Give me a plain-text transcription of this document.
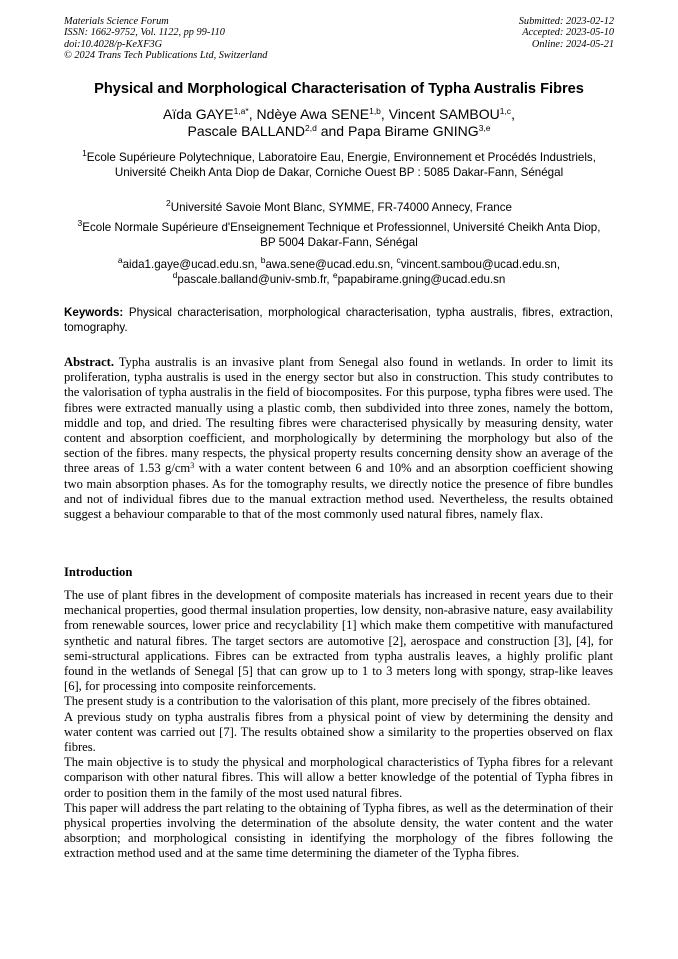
Materials Science Forum
ISSN: 1662-9752, Vol. 1122, pp 99-110
doi:10.4028/p-KeXF3G
© 2024 Trans Tech Publications Ltd, Switzerland
Submitted: 2023-02-12
Accepted: 2023-05-10
Online: 2024-05-21
Physical and Morphological Characterisation of Typha Australis Fibres
Aïda $GAYE^{1,a*}$, Ndèye Awa SENE$^{1,b}$, Vincent SAMBOU$^{1,c}$,
Pascale BALLAND$^{2,d}$ and Papa Birame GNING$^{3,e}$
$^1$Ecole Supérieure Polytechnique, Laboratoire Eau, Energie, Environnement et Procédés Industriels, Université Cheikh Anta Diop de Dakar, Corniche Ouest BP : 5085 Dakar-Fann, Sénégal
$^2$Université Savoie Mont Blanc, SYMME, FR-74000 Annecy, France
$^3$Ecole Normale Supérieure d'Enseignement Technique et Professionnel, Université Cheikh Anta Diop, BP 5004 Dakar-Fann, Sénégal
$^a$aida1.gaye@ucad.edu.sn, $^b$awa.sene@ucad.edu.sn, $^c$vincent.sambou@ucad.edu.sn,
$^d$pascale.balland@univ-smb.fr, $^e$papabirame.gning@ucad.edu.sn
Keywords: Physical characterisation, morphological characterisation, typha australis, fibres, extraction, tomography.
Abstract. Typha australis is an invasive plant from Senegal also found in wetlands. In order to limit its proliferation, typha australis is used in the energy sector but also in construction. This study contributes to the valorisation of typha australis in the field of biocomposites. For this purpose, typha fibres were used. The fibres were extracted manually using a plastic comb, then subdivided into three zones, namely the bottom, middle and top, and dried. The resulting fibres were characterised physically by measuring density, water content and absorption coefficient, and morphologically by determining the morphology but also of the section of the fibres. many respects, the physical property results concerning density show an average of the three areas of 1.53 $g/cm^3$ with a water content between 6 and 10% and an absorption coefficient showing two main absorption phases. As for the tomography results, we directly notice the presence of fibre bundles and not of individual fibres due to the manual extraction method used. Nevertheless, the results obtained suggest a behaviour comparable to that of the most commonly used natural fibres, namely flax.
Introduction

The use of plant fibres in the development of composite materials has increased in recent years due to their mechanical properties, good thermal insulation properties, low density, non-abrasive nature, easy availability from renewable sources, lower price and recyclability [1] which make them competitive with manufactured synthetic and natural fibres. The target sectors are automotive [2], aerospace and construction [3], [4], for semi-structural applications. Fibres can be extracted from typha australis leaves, a highly prolific plant found in the wetlands of Senegal [5] that can grow up to 1 to 3 meters long with spongy, strap-like leaves [6], for processing into composite reinforcements.

The present study is a contribution to the valorisation of this plant, more precisely of the fibres obtained.

A previous study on typha australis fibres from a physical point of view by determining the density and water content was carried out [7]. The results obtained show a similarity to the properties observed on flax fibres.

The main objective is to study the physical and morphological characteristics of Typha fibres for a relevant comparison with other natural fibres. This will allow a better knowledge of the potential of Typha fibres in order to position them in the family of the most used natural fibres.

This paper will address the part relating to the obtaining of Typha fibres, as well as the determination of their physical properties involving the determination of the absolute density, the water content and the water absorption; and morphological consisting in identifying the morphology of the fibres following the extraction method used and at the same time determining the diameter of the Typha fibres.
